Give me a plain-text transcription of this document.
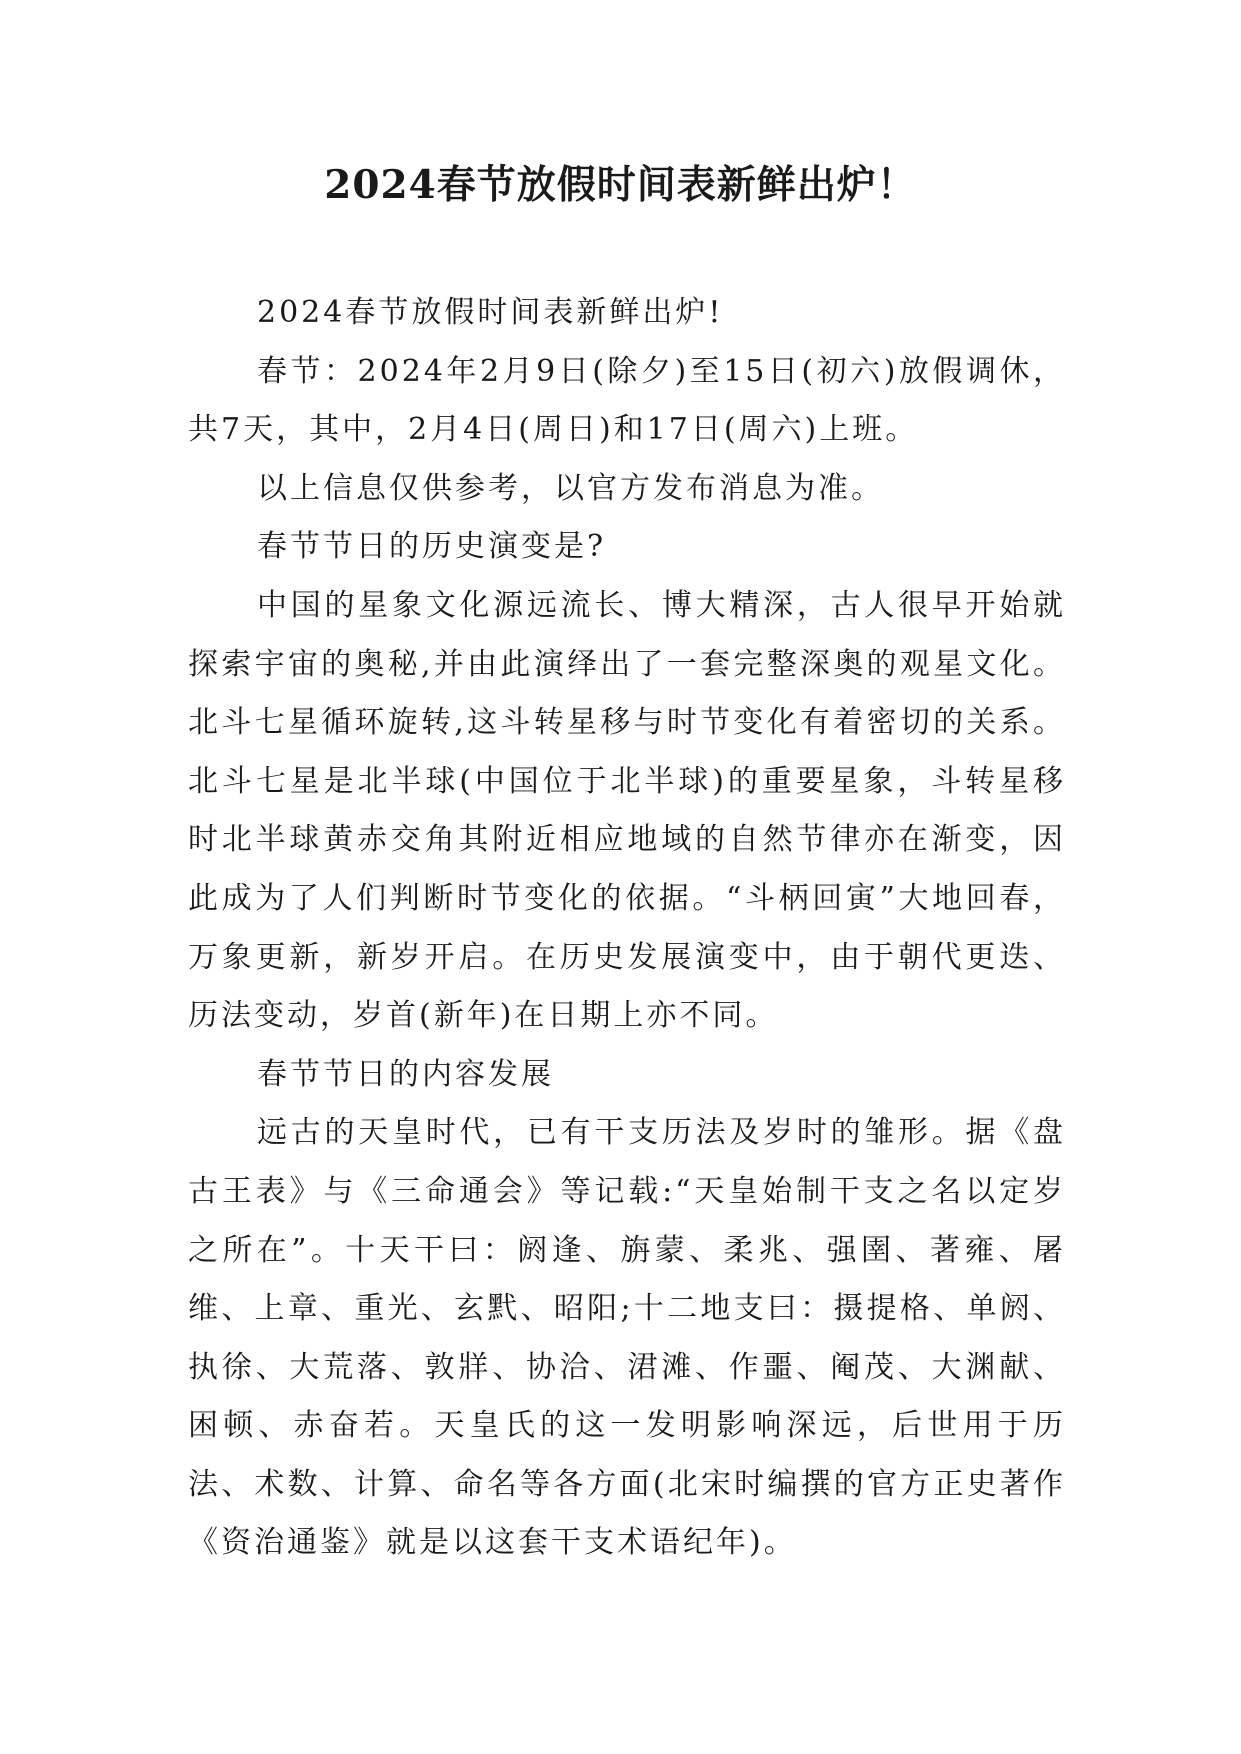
2024春节放假时间表新鲜出炉！

2024春节放假时间表新鲜出炉!

春节：2024年2月9日(除夕)至15日(初六)放假调休，共7天，其中，2月4日(周日)和17日(周六)上班。

以上信息仅供参考，以官方发布消息为准。

春节节日的历史演变是?

中国的星象文化源远流长、博大精深，古人很早开始就探索宇宙的奥秘,并由此演绎出了一套完整深奥的观星文化。北斗七星循环旋转,这斗转星移与时节变化有着密切的关系。北斗七星是北半球(中国位于北半球)的重要星象，斗转星移时北半球黄赤交角其附近相应地域的自然节律亦在渐变，因此成为了人们判断时节变化的依据。“斗柄回寅”大地回春，万象更新，新岁开启。在历史发展演变中，由于朝代更迭、历法变动，岁首(新年)在日期上亦不同。

春节节日的内容发展

远古的天皇时代，已有干支历法及岁时的雏形。据《盘古王表》与《三命通会》等记载:“天皇始制干支之名以定岁之所在”。十天干曰：阏逢、旃蒙、柔兆、强圉、著雍、屠维、上章、重光、玄黓、昭阳;十二地支曰：摄提格、单阏、执徐、大荒落、敦牂、协洽、涒滩、作噩、阉茂、大渊献、困顿、赤奋若。天皇氏的这一发明影响深远，后世用于历法、术数、计算、命名等各方面(北宋时编撰的官方正史著作《资治通鉴》就是以这套干支术语纪年)。
